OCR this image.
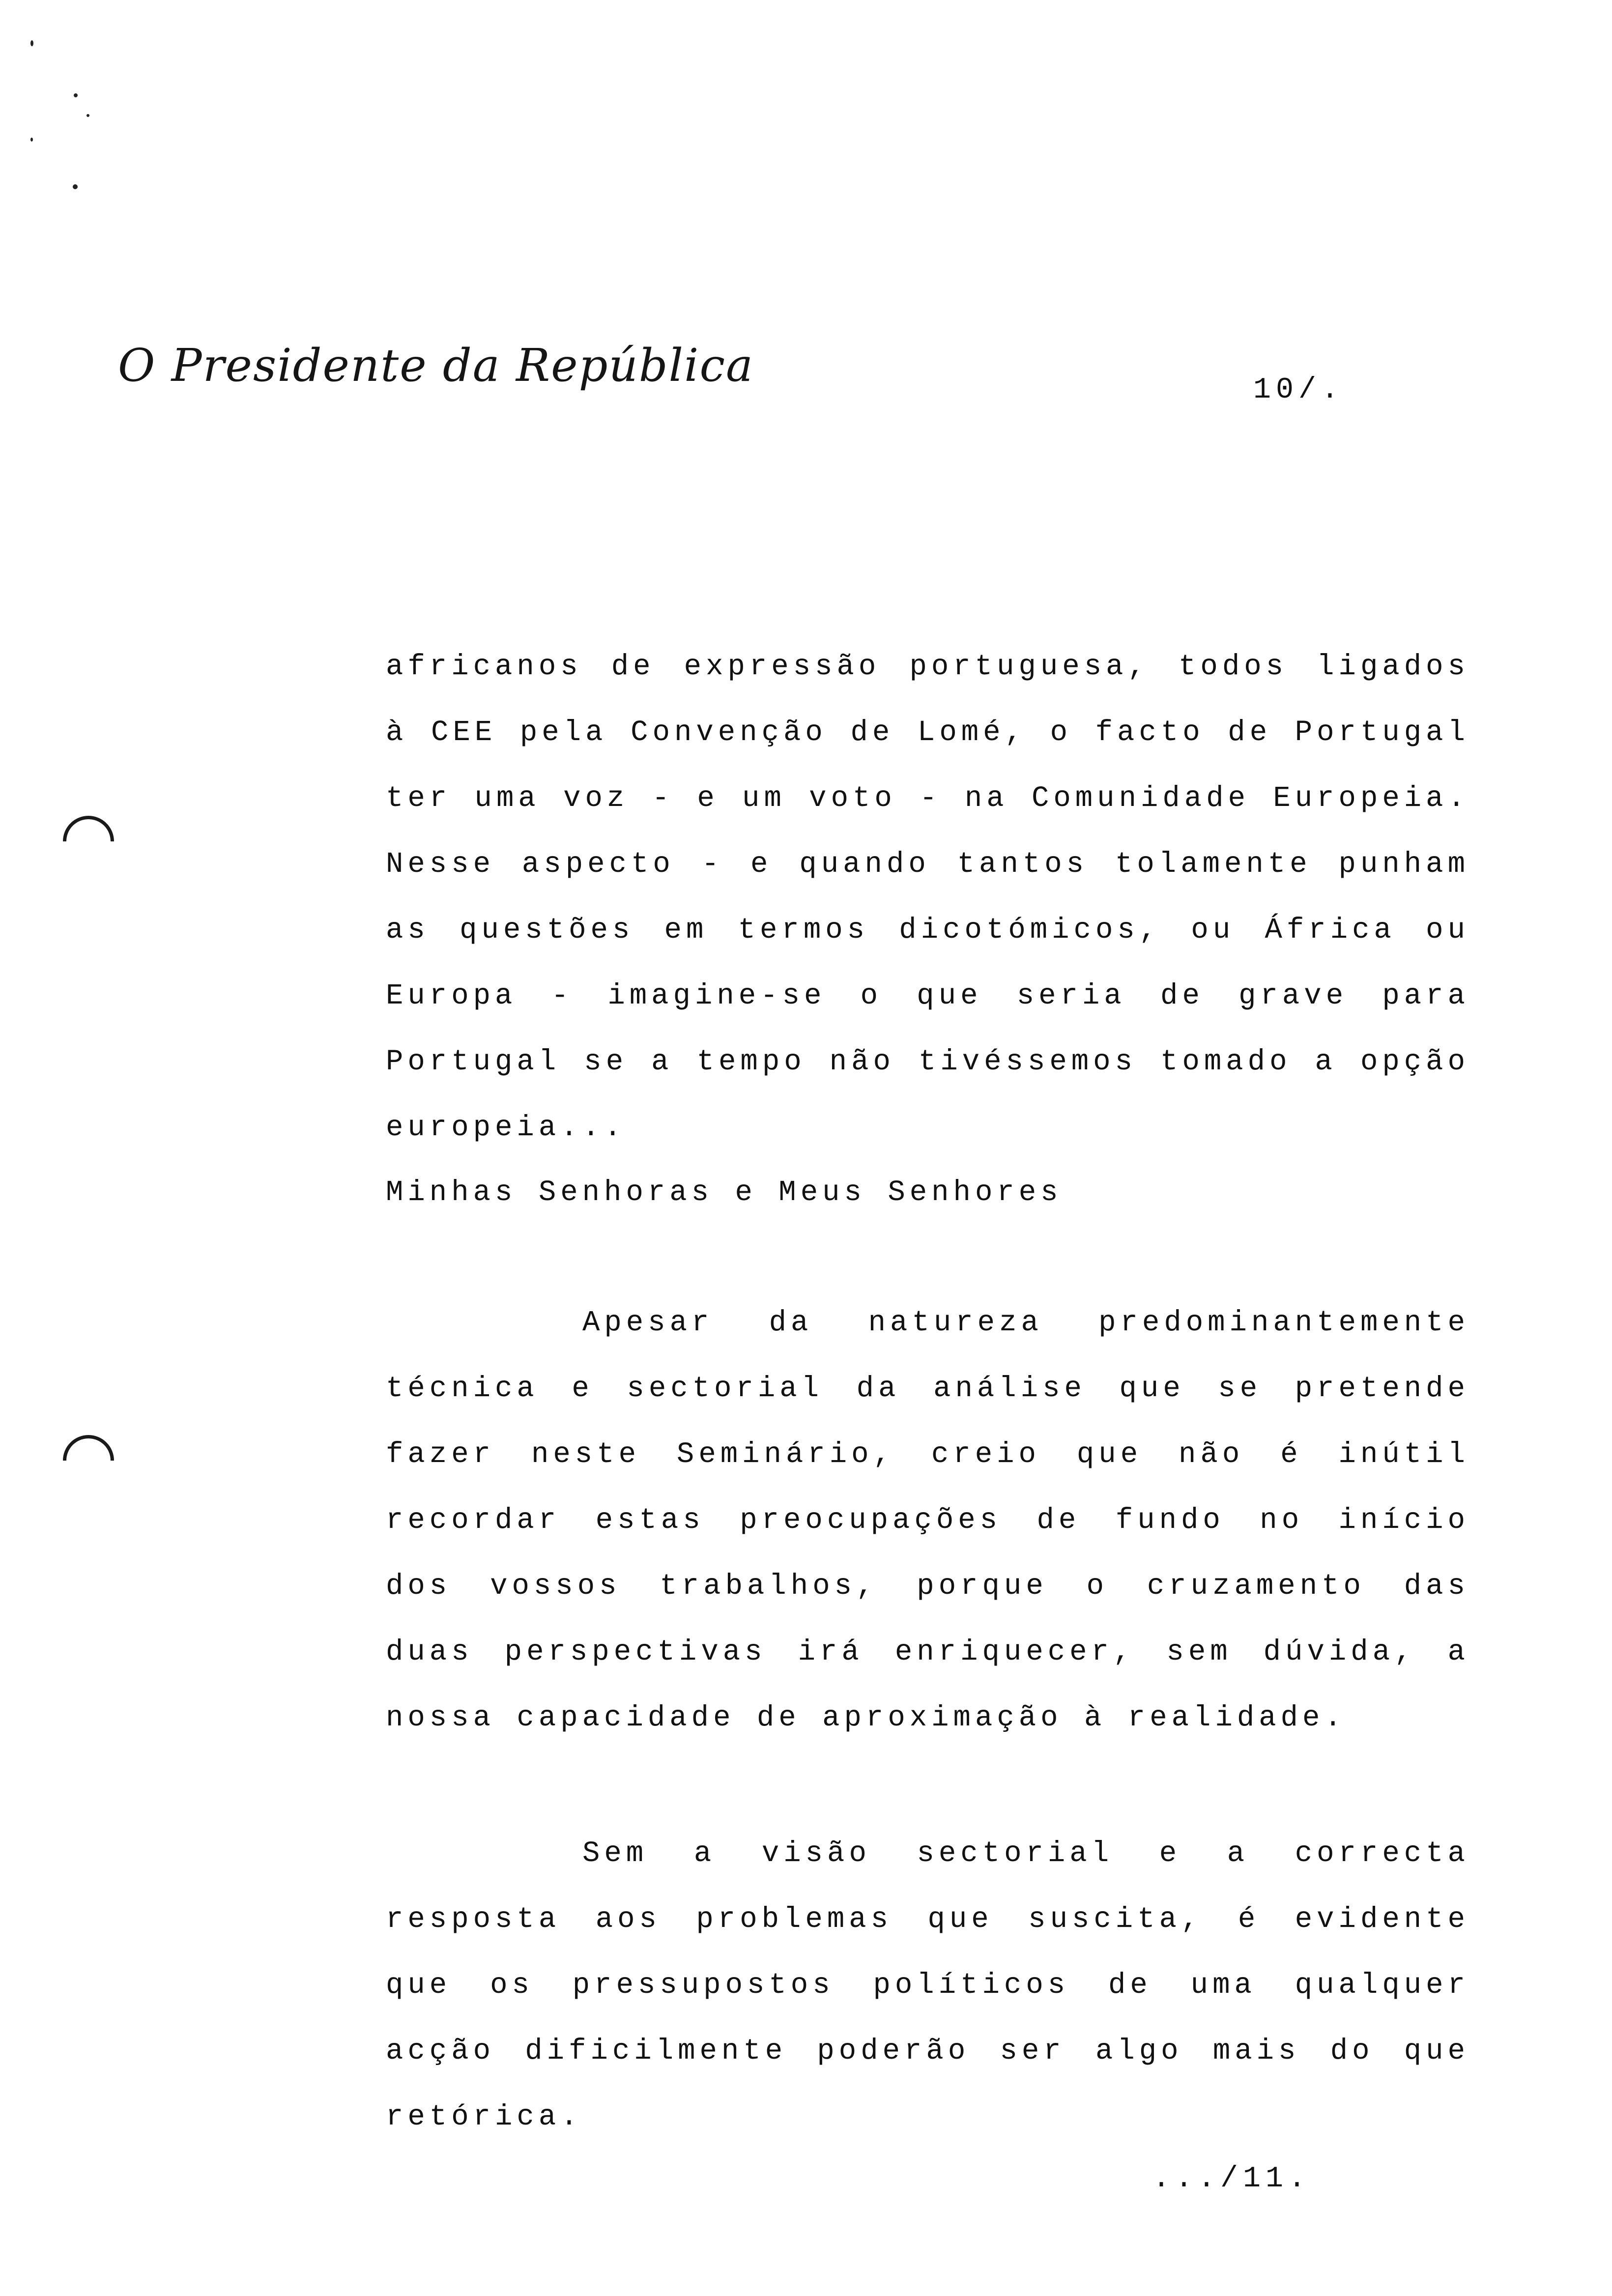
O Presidente da República	10/.

africanos de expressão portuguesa, todos ligados à CEE pela Convenção de Lomé, o facto de Portugal ter uma voz - e um voto - na Comunidade Europeia. Nesse aspecto - e quando tantos tolamente punham as questões em termos dicotómicos, ou África ou Europa - imagine-se o que seria de grave para Portugal se a tempo não tivéssemos tomado a opção europeia...

Minhas Senhoras e Meus Senhores

Apesar da natureza predominantemente técnica e sectorial da análise que se pretende fazer neste Seminário, creio que não é inútil recordar estas preocupações de fundo no início dos vossos trabalhos, porque o cruzamento das duas perspectivas irá enriquecer, sem dúvida, a nossa capacidade de aproximação à realidade.

Sem a visão sectorial e a correcta resposta aos problemas que suscita, é evidente que os pressupostos políticos de uma qualquer acção dificilmente poderão ser algo mais do que retórica.

.../11.
